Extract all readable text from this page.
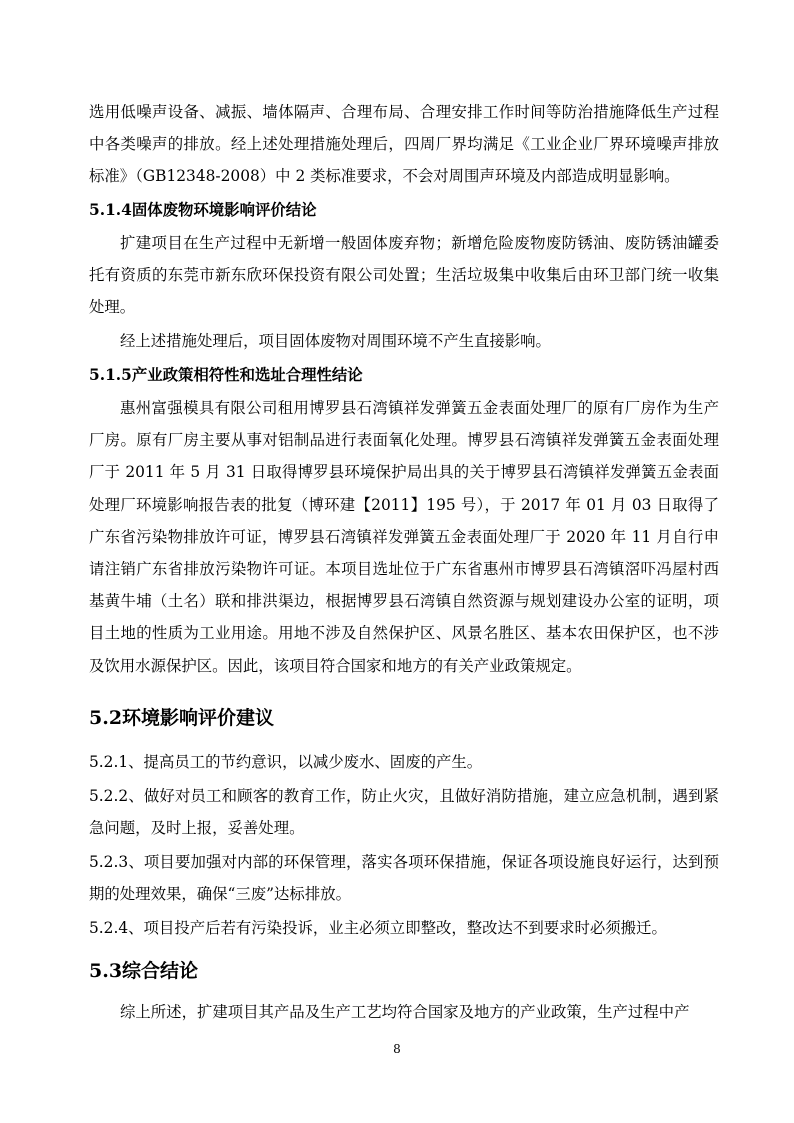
选用低噪声设备、减振、墙体隔声、合理布局、合理安排工作时间等防治措施降低生产过程中各类噪声的排放。经上述处理措施处理后，四周厂界均满足《工业企业厂界环境噪声排放标准》（GB12348-2008）中 2 类标准要求，不会对周围声环境及内部造成明显影响。

5.1.4固体废物环境影响评价结论

扩建项目在生产过程中无新增一般固体废弃物；新增危险废物废防锈油、废防锈油罐委托有资质的东莞市新东欣环保投资有限公司处置；生活垃圾集中收集后由环卫部门统一收集处理。

经上述措施处理后，项目固体废物对周围环境不产生直接影响。

5.1.5产业政策相符性和选址合理性结论

惠州富强模具有限公司租用博罗县石湾镇祥发弹簧五金表面处理厂的原有厂房作为生产厂房。原有厂房主要从事对铝制品进行表面氧化处理。博罗县石湾镇祥发弹簧五金表面处理厂于 2011 年 5 月 31 日取得博罗县环境保护局出具的关于博罗县石湾镇祥发弹簧五金表面处理厂环境影响报告表的批复（博环建【2011】195 号），于 2017 年 01 月 03 日取得了广东省污染物排放许可证，博罗县石湾镇祥发弹簧五金表面处理厂于 2020 年 11 月自行申请注销广东省排放污染物许可证。本项目选址位于广东省惠州市博罗县石湾镇滘吓冯屋村西基黄牛埔（土名）联和排洪渠边，根据博罗县石湾镇自然资源与规划建设办公室的证明，项目土地的性质为工业用途。用地不涉及自然保护区、风景名胜区、基本农田保护区，也不涉及饮用水源保护区。因此，该项目符合国家和地方的有关产业政策规定。

5.2环境影响评价建议

5.2.1、提高员工的节约意识，以减少废水、固废的产生。

5.2.2、做好对员工和顾客的教育工作，防止火灾，且做好消防措施，建立应急机制，遇到紧急问题，及时上报，妥善处理。

5.2.3、项目要加强对内部的环保管理，落实各项环保措施，保证各项设施良好运行，达到预期的处理效果，确保“三废”达标排放。

5.2.4、项目投产后若有污染投诉，业主必须立即整改，整改达不到要求时必须搬迁。

5.3综合结论

综上所述，扩建项目其产品及生产工艺均符合国家及地方的产业政策，生产过程中产

8
